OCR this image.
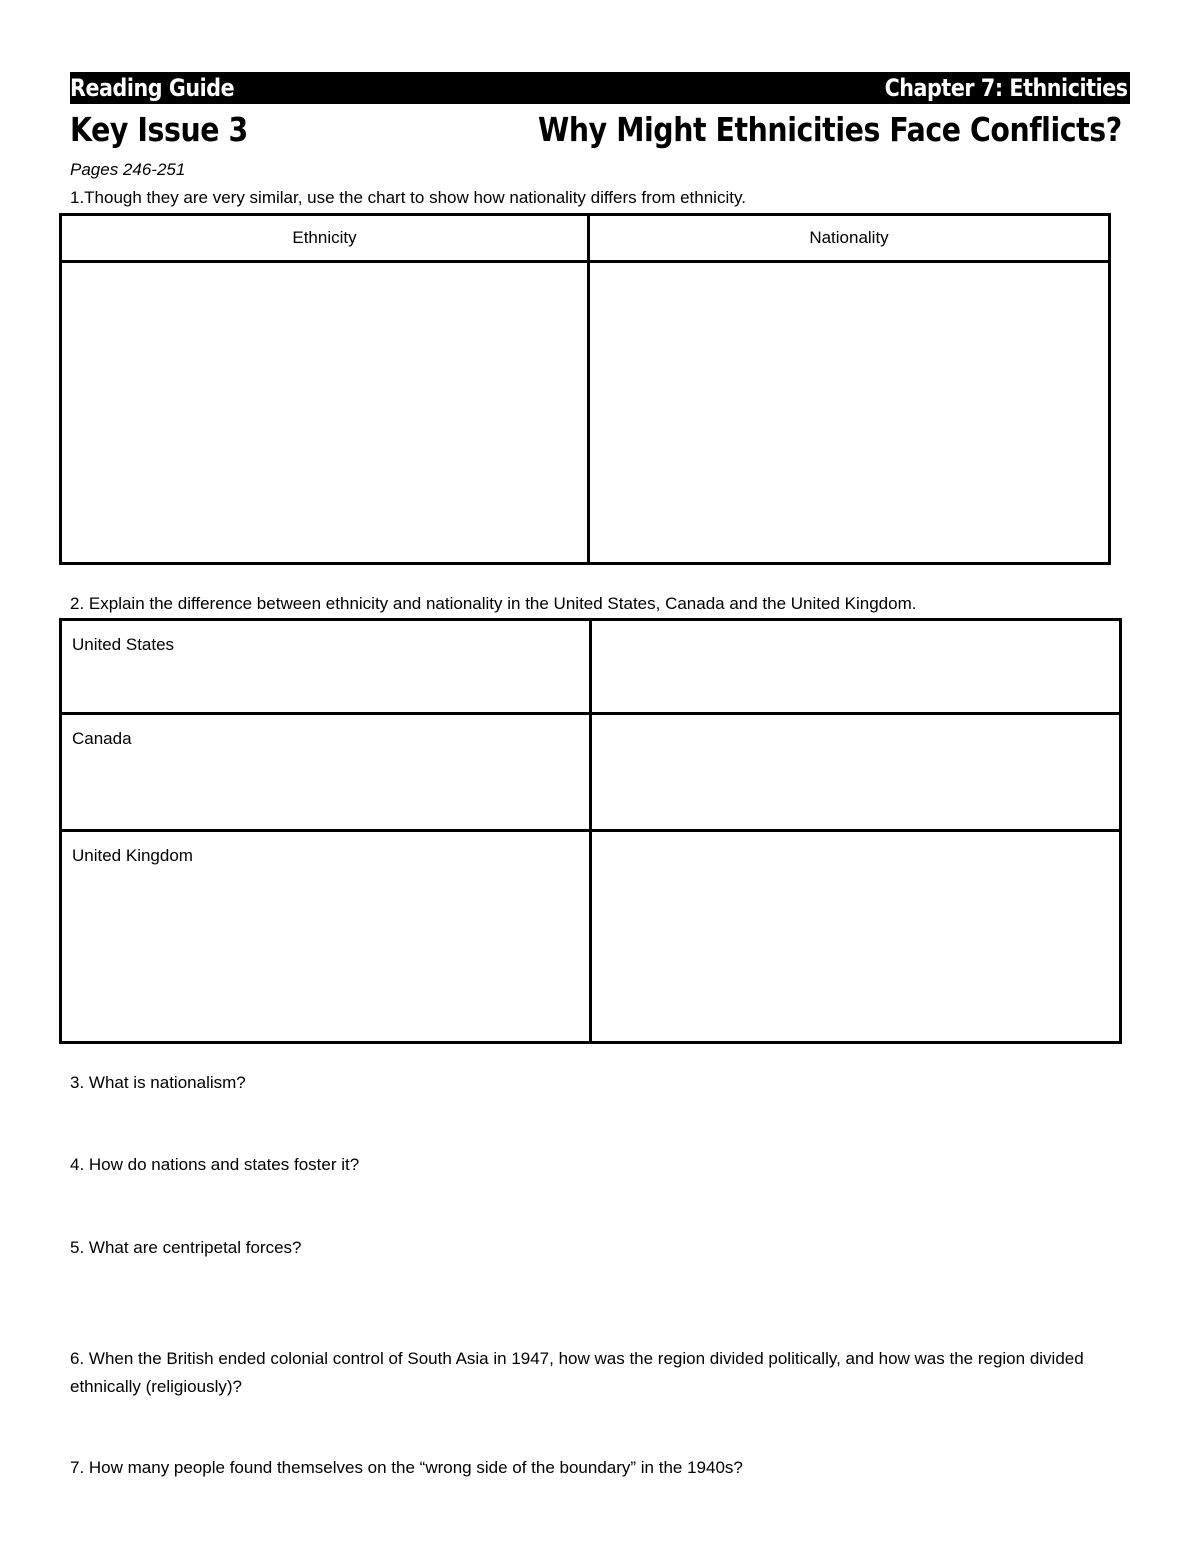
Reading Guide	Chapter 7: Ethnicities
Key Issue 3	Why Might Ethnicities Face Conflicts?
Pages 246-251
1.Though they are very similar, use the chart to show how nationality differs from ethnicity.
Ethnicity	Nationality

2. Explain the difference between ethnicity and nationality in the United States, Canada and the United Kingdom.
United States	
Canada	
United Kingdom	
3. What is nationalism?
4. How do nations and states foster it?
5. What are centripetal forces?
6. When the British ended colonial control of South Asia in 1947, how was the region divided politically, and how was the region divided ethnically (religiously)?
7. How many people found themselves on the “wrong side of the boundary” in the 1940s?
